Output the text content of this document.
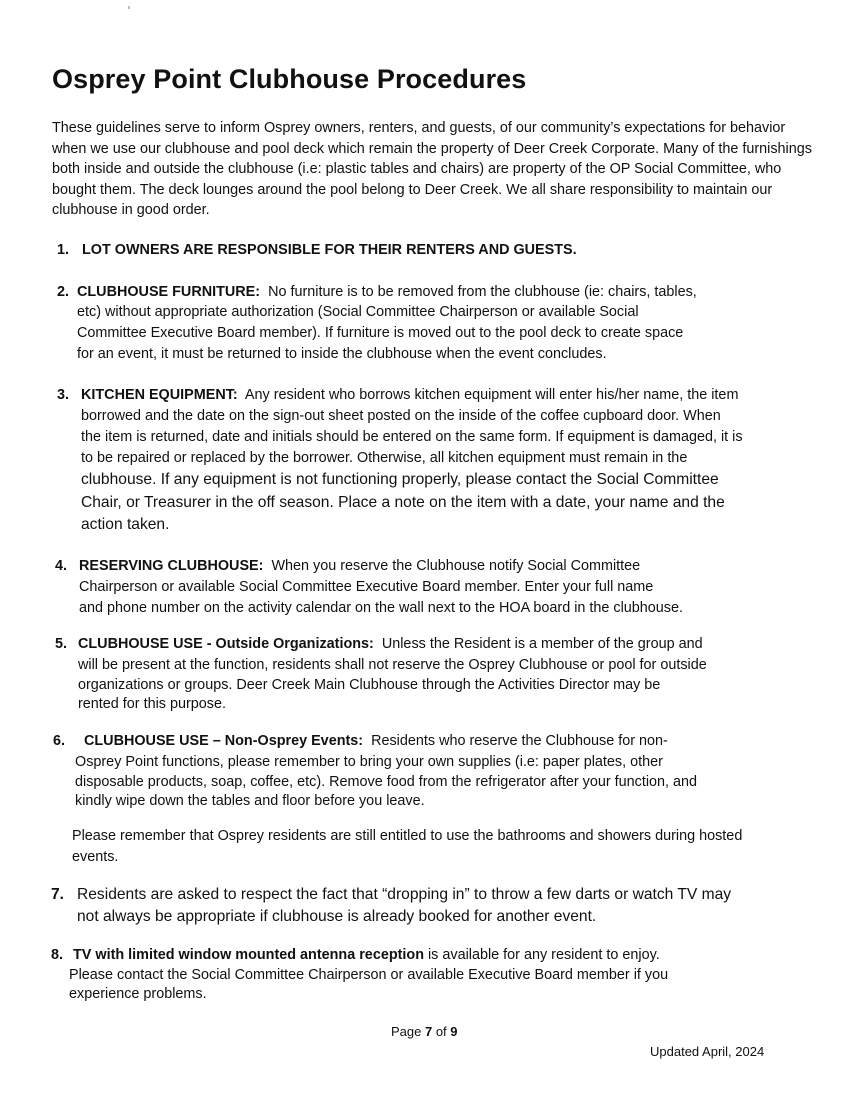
Osprey Point Clubhouse Procedures
These guidelines serve to inform Osprey owners, renters, and guests, of our community’s expectations for behavior when we use our clubhouse and pool deck which remain the property of Deer Creek Corporate. Many of the furnishings both inside and outside the clubhouse (i.e: plastic tables and chairs) are property of the OP Social Committee, who bought them. The deck lounges around the pool belong to Deer Creek. We all share responsibility to maintain our clubhouse in good order.
1. LOT OWNERS ARE RESPONSIBLE FOR THEIR RENTERS AND GUESTS.
2. CLUBHOUSE FURNITURE: No furniture is to be removed from the clubhouse (ie: chairs, tables,
etc) without appropriate authorization (Social Committee Chairperson or available Social
Committee Executive Board member). If furniture is moved out to the pool deck to create space
for an event, it must be returned to inside the clubhouse when the event concludes.
3. KITCHEN EQUIPMENT: Any resident who borrows kitchen equipment will enter his/her name, the item
borrowed and the date on the sign-out sheet posted on the inside of the coffee cupboard door. When
the item is returned, date and initials should be entered on the same form. If equipment is damaged, it is
to be repaired or replaced by the borrower. Otherwise, all kitchen equipment must remain in the
clubhouse. If any equipment is not functioning properly, please contact the Social Committee
Chair, or Treasurer in the off season. Place a note on the item with a date, your name and the
action taken.
4. RESERVING CLUBHOUSE: When you reserve the Clubhouse notify Social Committee
Chairperson or available Social Committee Executive Board member. Enter your full name
and phone number on the activity calendar on the wall next to the HOA board in the clubhouse.
5. CLUBHOUSE USE - Outside Organizations: Unless the Resident is a member of the group and
will be present at the function, residents shall not reserve the Osprey Clubhouse or pool for outside
organizations or groups. Deer Creek Main Clubhouse through the Activities Director may be
rented for this purpose.
6. CLUBHOUSE USE – Non-Osprey Events: Residents who reserve the Clubhouse for non-
Osprey Point functions, please remember to bring your own supplies (i.e: paper plates, other
disposable products, soap, coffee, etc). Remove food from the refrigerator after your function, and
kindly wipe down the tables and floor before you leave.
Please remember that Osprey residents are still entitled to use the bathrooms and showers during hosted events.
7. Residents are asked to respect the fact that “dropping in” to throw a few darts or watch TV may
not always be appropriate if clubhouse is already booked for another event.
8. TV with limited window mounted antenna reception is available for any resident to enjoy.
Please contact the Social Committee Chairperson or available Executive Board member if you
experience problems.
Page 7 of 9
Updated April, 2024
